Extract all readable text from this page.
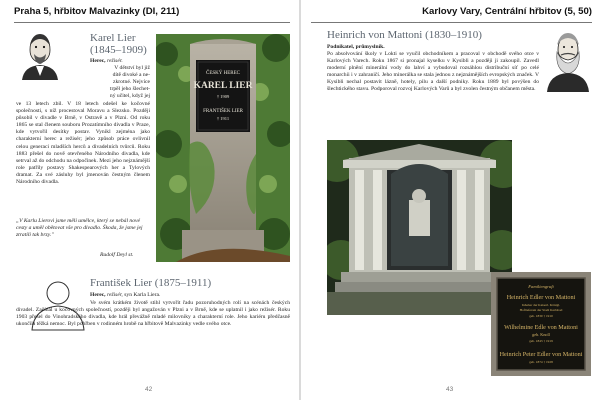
Praha 5, hřbitov Malvazinky (DI, 211)
Karel Lier
(1845–1909)
Herec, režisér.
V dětství byl již
dítě divoké a ne-
zkrotné. Nejvíce
trpěl jeho šlechet-
ný učitel, když jej
ve 13 letech zbil. V 18 letech odešel ke kočovné společnosti, s níž procestoval Moravu a Slezsko. Později působil v divadle v Brně, v Ostravě a v Plzni. Od roku 1865 se stal členem souboru Prozatímního divadla v Praze, kde vytvořil desítky postav. Vynikl zejména jako charakterní herec a režisér; jeho způsob práce ovlivnil celou generaci mladších herců a divadelních tvůrců. Roku 1883 přešel do nově otevřeného Národního divadla, kde setrval až do odchodu na odpočinek. Mezi jeho nejznámější role patřily postavy Shakespearových her a Tylových dramat. Za své zásluhy byl jmenován čestným členem Národního divadla.
„V Karlu Lierovi jsme měli umělce, který se nebál nové cesty a uměl obětovat vše pro divadlo. Škoda, že jsme jej ztratili tak brzy."
Rudolf Deyl st.
ČESKÝ HEREC
KAREL LIER
† 1909
FRANTIŠEK LIER
† 1911
František Lier (1875–1911)
Herec, režisér, syn Karla Liera.
Ve svém krátkém životě stihl vytvořit řadu pozoruhodných rolí na scénách českých divadel. Začínal u kočovných společností, později byl angažován v Plzni a v Brně, kde se uplatnil i jako režisér. Roku 1903 přešel do Vinohradského divadla, kde hrál převážně mladé milovníky a charakterní role. Jeho kariéru předčasně ukončila těžká nemoc. Byl pohřben v rodinném hrobě na hřbitově Malvazinky vedle svého otce.
42
Karlovy Vary, Centrální hřbitov (5, 50)
Heinrich von Mattoni (1830–1910)
Podnikatel, průmyslník.
Po absolvování školy v Lokti se vyučil obchodníkem a pracoval v obchodě svého otce v Karlových Varech. Roku 1867 si pronajal kyselku v Kysibli a později ji zakoupil. Zavedl moderní plnění minerální vody do lahví a vybudoval rozsáhlou distribuční síť po celé monarchii i v zahraničí. Jeho minerálka se stala jednou z nejznámějších evropských značek. V Kysibli nechal postavit lázně, hotely, pilu a další podniky. Roku 1889 byl povýšen do šlechtického stavu. Podporoval rozvoj Karlových Varů a byl zvolen čestným občanem města.
Familiengruft
Heinrich Edler von Mattoni
Inhaber der Kaiserl. Königl.
Hoflieferant der Stadt Karlsbad
geb. 1830 † 1910
Wilhelmine Edle von Mattoni
geb. Knoll
geb. 1843 † 1919
Heinrich Peter Edler von Mattoni
geb. 1874 † 1928
43
